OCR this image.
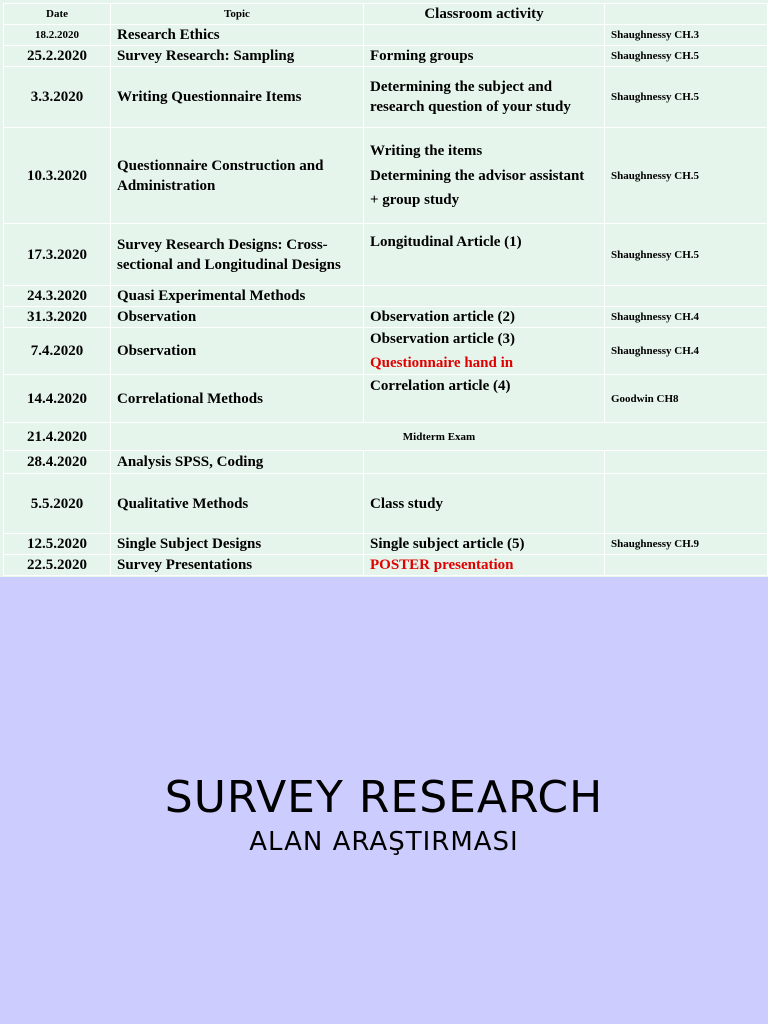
Date	Topic	Classroom activity	
18.2.2020	Research Ethics		Shaughnessy CH.3
25.2.2020	Survey Research: Sampling	Forming groups	Shaughnessy CH.5
3.3.2020	Writing Questionnaire Items	Determining the subject and research question of your study	Shaughnessy CH.5
10.3.2020	Questionnaire Construction and Administration	Writing the items

Determining the advisor assistant

+ group study	Shaughnessy CH.5
17.3.2020	Survey Research Designs: Cross-sectional and Longitudinal Designs	Longitudinal Article (1)	Shaughnessy CH.5
24.3.2020	Quasi Experimental Methods		
31.3.2020	Observation	Observation article (2)	Shaughnessy CH.4
7.4.2020	Observation	Observation article (3)

Questionnaire hand in	Shaughnessy CH.4
14.4.2020	Correlational Methods	Correlation article (4)	Goodwin CH8
21.4.2020	Midterm Exam		
28.4.2020	Analysis SPSS, Coding		
5.5.2020	Qualitative Methods	Class study	
12.5.2020	Single Subject Designs	Single subject article (5)	Shaughnessy CH.9
22.5.2020	Survey Presentations	POSTER presentation	
SURVEY RESEARCH
ALAN ARAŞTIRMASI
